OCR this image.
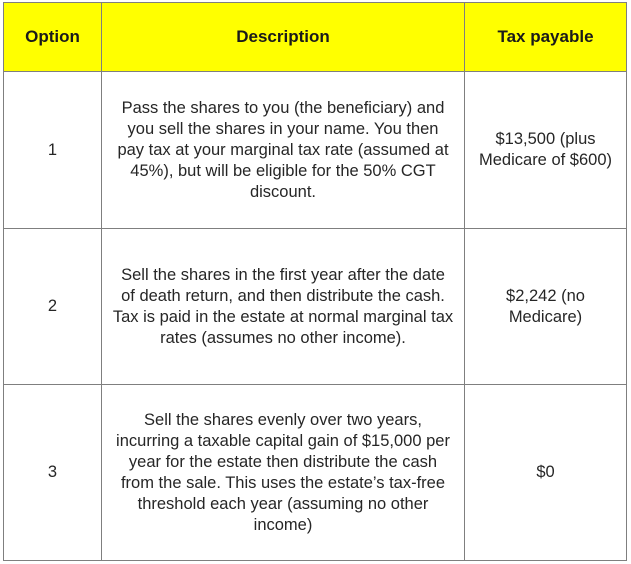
Option	Description	Tax payable
1	Pass the shares to you (the beneficiary) and you sell the shares in your name. You then pay tax at your marginal tax rate (assumed at 45%), but will be eligible for the 50% CGT discount.	$13,500 (plus Medicare of $600)
2	Sell the shares in the first year after the date of death return, and then distribute the cash. Tax is paid in the estate at normal marginal tax rates (assumes no other income).	$2,242 (no Medicare)
3	Sell the shares evenly over two years, incurring a taxable capital gain of $15,000 per year for the estate then distribute the cash from the sale. This uses the estate’s tax-free threshold each year (assuming no other income)	$0
